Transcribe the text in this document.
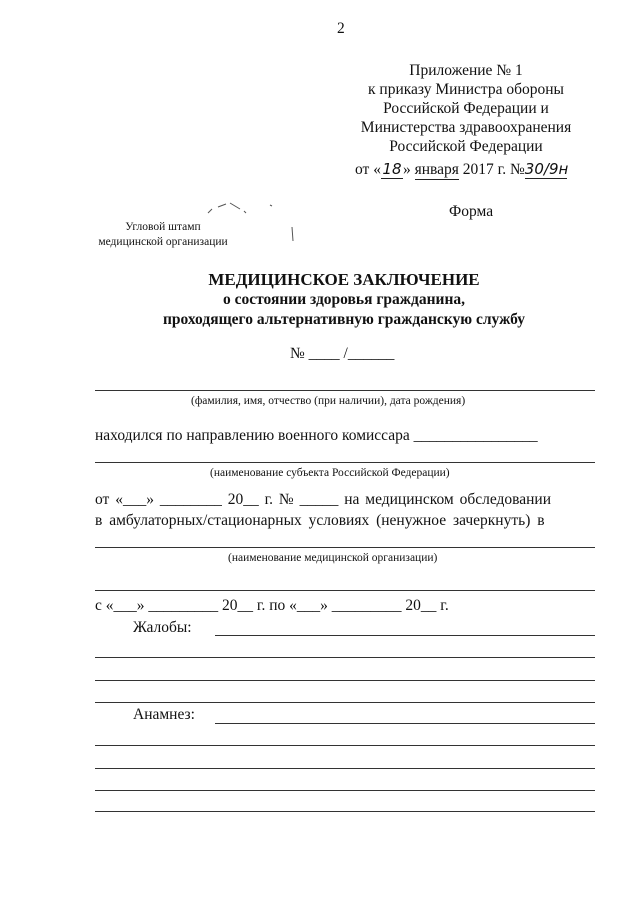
2
Приложение № 1
к приказу Министра обороны
Российской Федерации и
Министерства здравоохранения
Российской Федерации
от «18» января 2017 г. №30/9н
Форма
Угловой штамп
медицинской организации
МЕДИЦИНСКОЕ ЗАКЛЮЧЕНИЕ
о состоянии здоровья гражданина,
проходящего альтернативную гражданскую службу
№ ____ /______
(фамилия, имя, отчество (при наличии), дата рождения)
находился по направлению военного комиссара ________________
(наименование субъекта Российской Федерации)
от «___» ________ 20__ г. № _____ на медицинском обследовании
в амбулаторных/стационарных условиях (ненужное зачеркнуть) в
(наименование медицинской организации)
с «___» _________ 20__ г. по «___» _________ 20__ г.
Жалобы:
Анамнез:
